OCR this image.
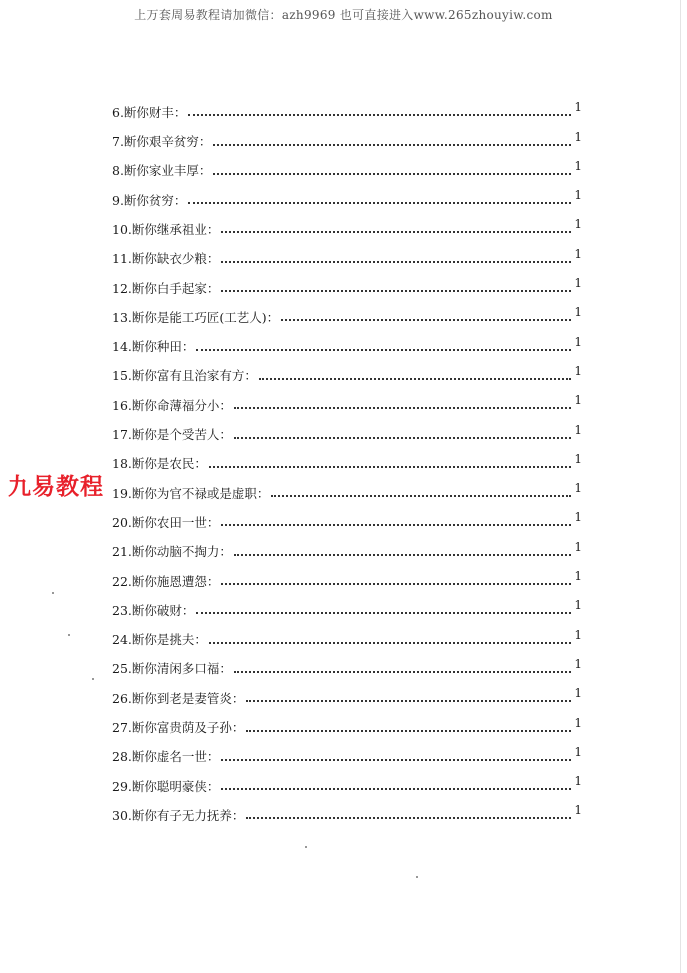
上万套周易教程请加微信：azh9969 也可直接进入www.265zhouyiw.com
九易教程
6.断你财丰：	1
7.断你艰辛贫穷：	1
8.断你家业丰厚：	1
9.断你贫穷：	1
10.断你继承祖业：	1
11.断你缺衣少粮：	1
12.断你白手起家：	1
13.断你是能工巧匠(工艺人)：	1
14.断你种田：	1
15.断你富有且治家有方：	1
16.断你命薄福分小：	1
17.断你是个受苦人：	1
18.断你是农民：	1
19.断你为官不禄或是虚职：	1
20.断你农田一世：	1
21.断你动脑不掏力：	1
22.断你施恩遭怨：	1
23.断你破财：	1
24.断你是挑夫：	1
25.断你清闲多口福：	1
26.断你到老是妻管炎：	1
27.断你富贵荫及子孙：	1
28.断你虚名一世：	1
29.断你聪明豪侠：	1
30.断你有子无力抚养：	1
